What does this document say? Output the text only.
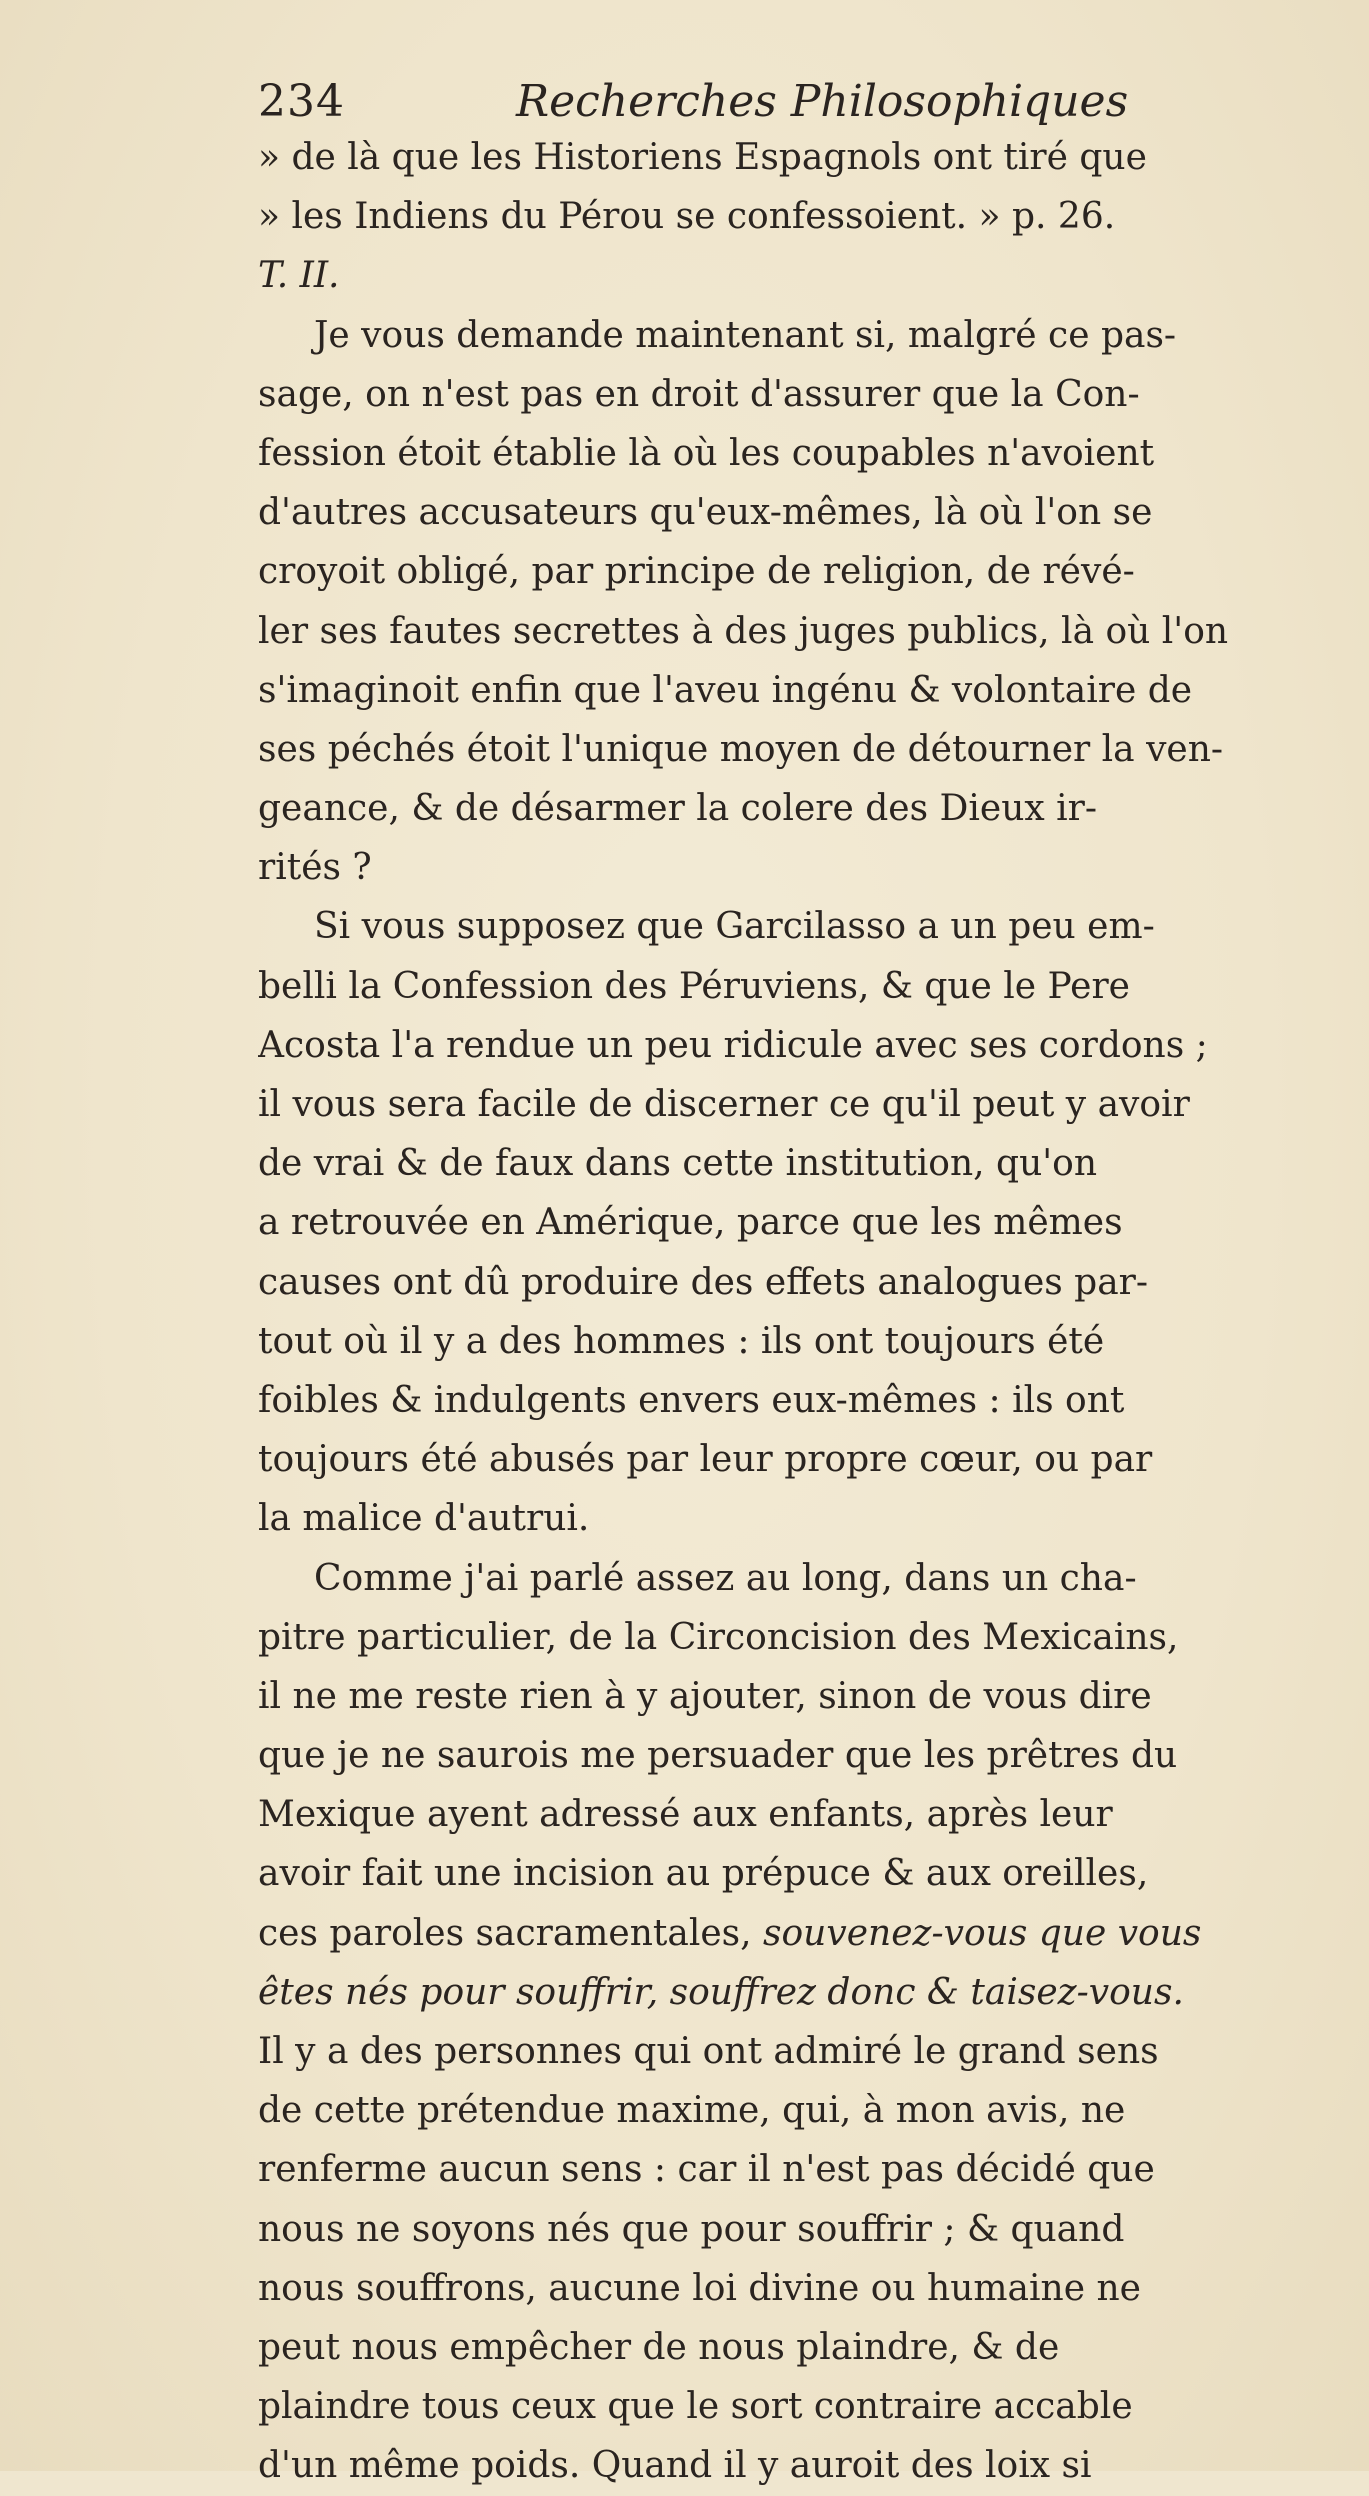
234	Recherches Philosophiques
» de là que les Historiens Espagnols ont tiré que
» les Indiens du Pérou se confessoient. » p. 26.
T. II.
Je vous demande maintenant si, malgré ce pas-
sage, on n'est pas en droit d'assurer que la Con-
fession étoit établie là où les coupables n'avoient
d'autres accusateurs qu'eux-mêmes, là où l'on se
croyoit obligé, par principe de religion, de révé-
ler ses fautes secrettes à des juges publics, là où l'on
s'imaginoit enfin que l'aveu ingénu & volontaire de
ses péchés étoit l'unique moyen de détourner la ven-
geance, & de désarmer la colere des Dieux ir-
rités ?
Si vous supposez que Garcilasso a un peu em-
belli la Confession des Péruviens, & que le Pere
Acosta l'a rendue un peu ridicule avec ses cordons ;
il vous sera facile de discerner ce qu'il peut y avoir
de vrai & de faux dans cette institution, qu'on
a retrouvée en Amérique, parce que les mêmes
causes ont dû produire des effets analogues par-
tout où il y a des hommes : ils ont toujours été
foibles & indulgents envers eux-mêmes : ils ont
toujours été abusés par leur propre cœur, ou par
la malice d'autrui.
Comme j'ai parlé assez au long, dans un cha-
pitre particulier, de la Circoncision des Mexicains,
il ne me reste rien à y ajouter, sinon de vous dire
que je ne saurois me persuader que les prêtres du
Mexique ayent adressé aux enfants, après leur
avoir fait une incision au prépuce & aux oreilles,
ces paroles sacramentales, souvenez-vous que vous
êtes nés pour souffrir, souffrez donc & taisez-vous.
Il y a des personnes qui ont admiré le grand sens
de cette prétendue maxime, qui, à mon avis, ne
renferme aucun sens : car il n'est pas décidé que
nous ne soyons nés que pour souffrir ; & quand
nous souffrons, aucune loi divine ou humaine ne
peut nous empêcher de nous plaindre, & de
plaindre tous ceux que le sort contraire accable
d'un même poids. Quand il y auroit des loix si
